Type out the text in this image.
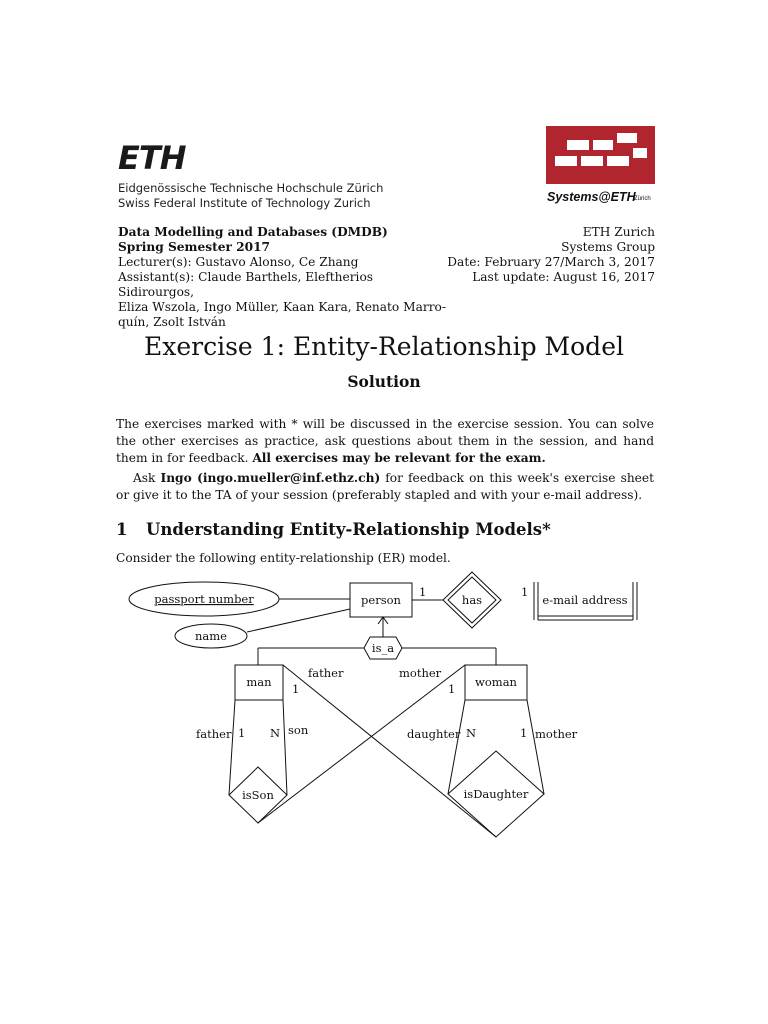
ETH
Eidgenössische Technische Hochschule Zürich
Swiss Federal Institute of Technology Zurich	Systems@ETH
Zürich
Data Modelling and Databases (DMDB)
Spring Semester 2017
Lecturer(s): Gustavo Alonso, Ce Zhang
Assistant(s): Claude Barthels, Eleftherios Sidirourgos,
Eliza Wszola, Ingo Müller, Kaan Kara, Renato Marro-
quín, Zsolt István
ETH Zurich
Systems Group
Date: February 27/March 3, 2017
Last update: August 16, 2017
Exercise 1: Entity-Relationship Model
Solution
The exercises marked with * will be discussed in the exercise session. You can solve the other exercises as practice, ask questions about them in the session, and hand them in for feedback. All exercises may be relevant for the exam.
Ask Ingo (ingo.mueller@inf.ethz.ch) for feedback on this week's exercise sheet or give it to the TA of your session (preferably stapled and with your e-mail address).
1 Understanding Entity-Relationship Models*
Consider the following entity-relationship (ER) model.
person
passport number
name
has	e-mail address
1	1
is_a
man	woman
father	mother
1	1
father 1 N son	daughter N	1 mother
isSon	isDaughter
